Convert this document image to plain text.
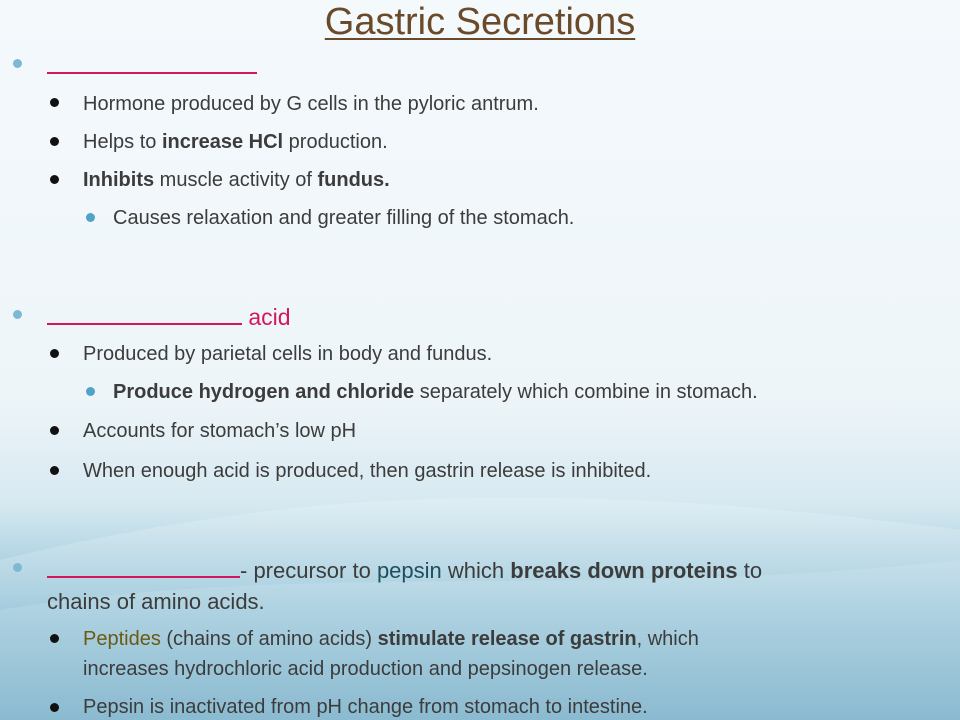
Gastric Secretions
Hormone produced by G cells in the pyloric antrum.
Helps to increase HCl production.
Inhibits muscle activity of fundus.
Causes relaxation and greater filling of the stomach.
acid
Produced by parietal cells in body and fundus.
Produce hydrogen and chloride separately which combine in stomach.
Accounts for stomach’s low pH
When enough acid is produced, then gastrin release is inhibited.
- precursor to pepsin which breaks down proteins to
chains of amino acids.
Peptides (chains of amino acids) stimulate release of gastrin, which
increases hydrochloric acid production and pepsinogen release.
Pepsin is inactivated from pH change from stomach to intestine.
